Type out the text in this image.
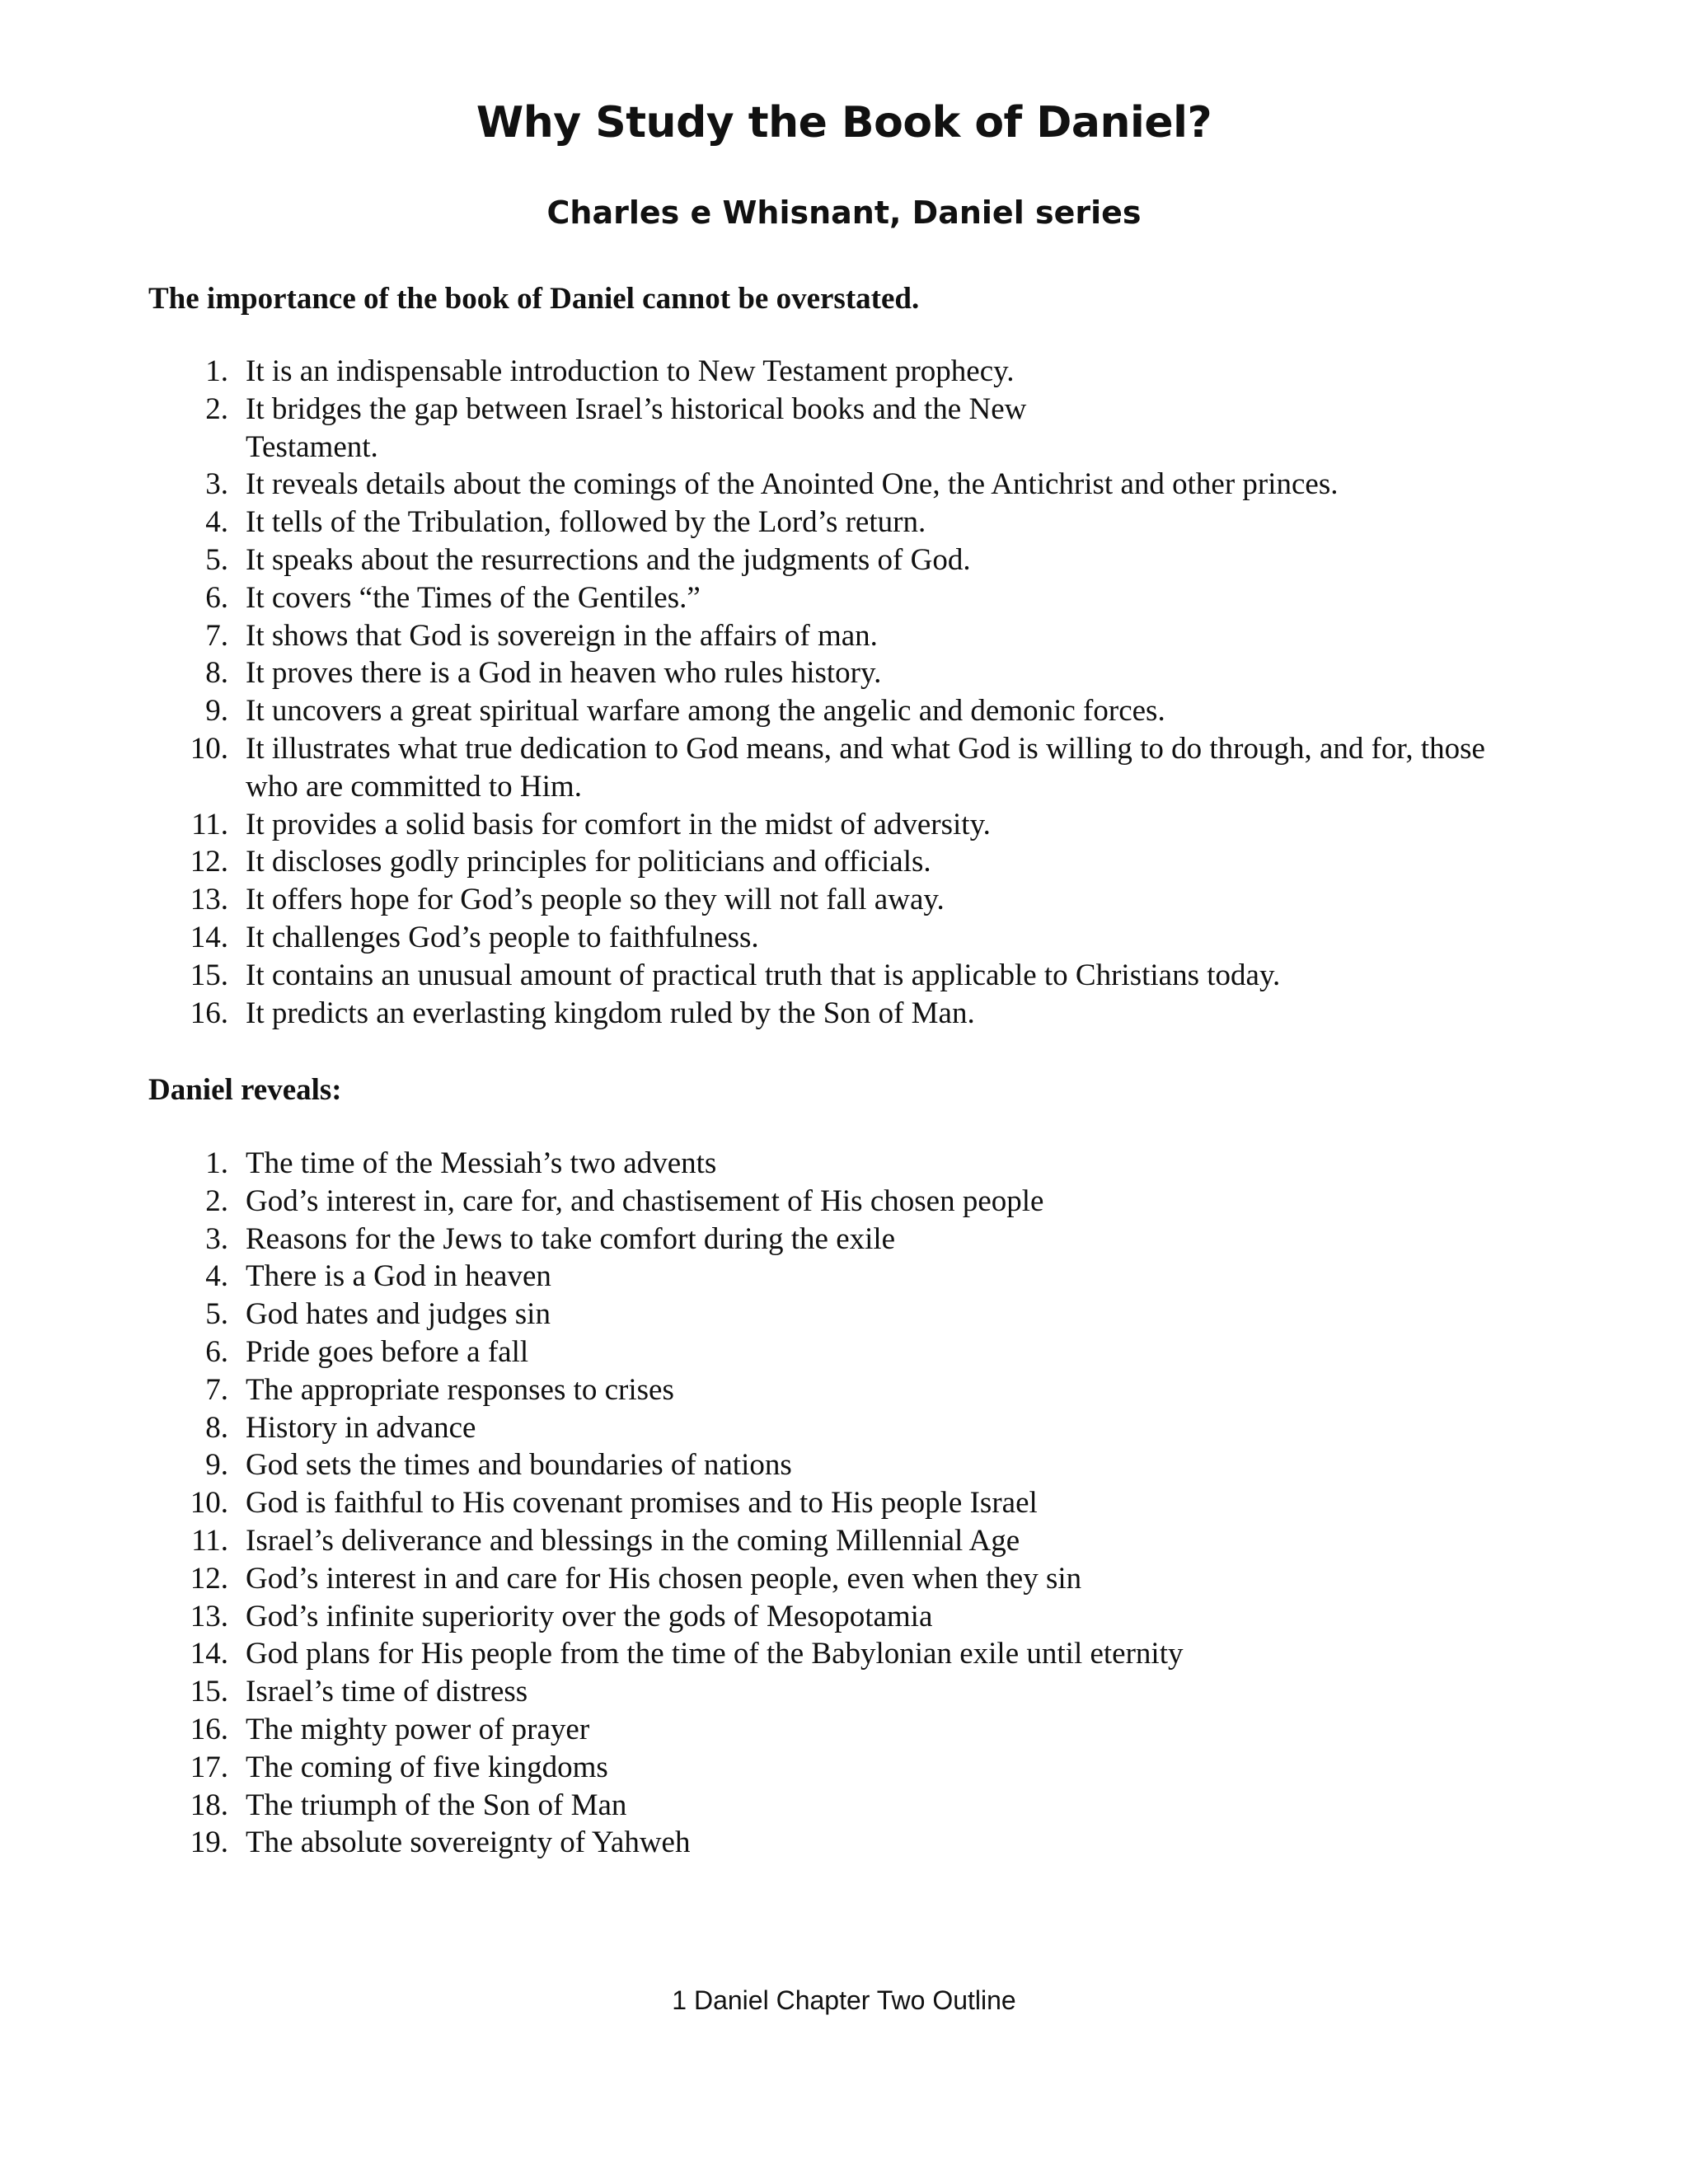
Why Study the Book of Daniel?
Charles e Whisnant, Daniel series

The importance of the book of Daniel cannot be overstated.

1. It is an indispensable introduction to New Testament prophecy.
2. It bridges the gap between Israel’s historical books and the New Testament.
3. It reveals details about the comings of the Anointed One, the Antichrist and other princes.
4. It tells of the Tribulation, followed by the Lord’s return.
5. It speaks about the resurrections and the judgments of God.
6. It covers “the Times of the Gentiles.”
7. It shows that God is sovereign in the affairs of man.
8. It proves there is a God in heaven who rules history.
9. It uncovers a great spiritual warfare among the angelic and demonic forces.
10. It illustrates what true dedication to God means, and what God is willing to do through, and for, those who are committed to Him.
11. It provides a solid basis for comfort in the midst of adversity.
12. It discloses godly principles for politicians and officials.
13. It offers hope for God’s people so they will not fall away.
14. It challenges God’s people to faithfulness.
15. It contains an unusual amount of practical truth that is applicable to Christians today.
16. It predicts an everlasting kingdom ruled by the Son of Man.

Daniel reveals:

1. The time of the Messiah’s two advents
2. God’s interest in, care for, and chastisement of His chosen people
3. Reasons for the Jews to take comfort during the exile
4. There is a God in heaven
5. God hates and judges sin
6. Pride goes before a fall
7. The appropriate responses to crises
8. History in advance
9. God sets the times and boundaries of nations
10. God is faithful to His covenant promises and to His people Israel
11. Israel’s deliverance and blessings in the coming Millennial Age
12. God’s interest in and care for His chosen people, even when they sin
13. God’s infinite superiority over the gods of Mesopotamia
14. God plans for His people from the time of the Babylonian exile until eternity
15. Israel’s time of distress
16. The mighty power of prayer
17. The coming of five kingdoms
18. The triumph of the Son of Man
19. The absolute sovereignty of Yahweh

1 Daniel Chapter Two Outline
